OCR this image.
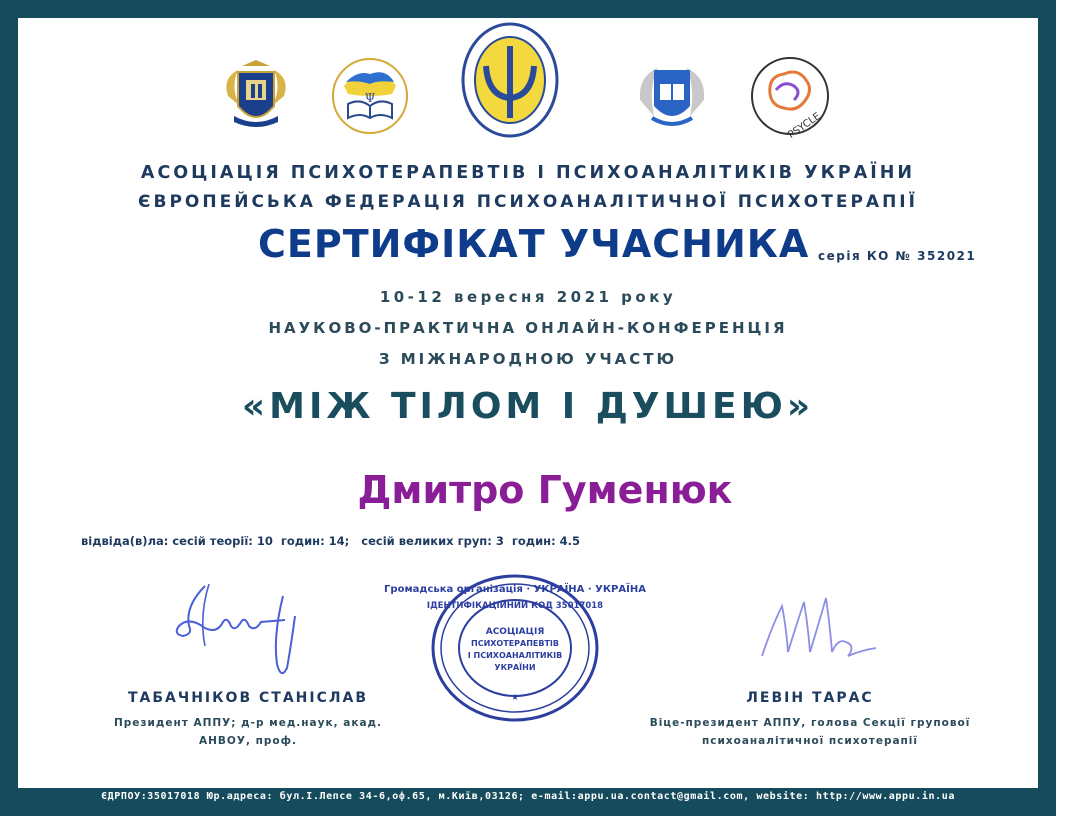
Ψ
PSYCLE
АСОЦІАЦІЯ ПСИХОТЕРАПЕВТІВ І ПСИХОАНАЛІТИКІВ УКРАЇНИ
ЄВРОПЕЙСЬКА ФЕДЕРАЦІЯ ПСИХОАНАЛІТИЧНОЇ ПСИХОТЕРАПІЇ
СЕРТИФІКАТ УЧАСНИКА серія КО № 352021
10-12 вересня 2021 року
НАУКОВО-ПРАКТИЧНА ОНЛАЙН-КОНФЕРЕНЦІЯ
З МІЖНАРОДНОЮ УЧАСТЮ
«МІЖ ТІЛОМ І ДУШЕЮ»
Дмитро Гуменюк
відвіда(в)ла: сесій теорії: 10  годин: 14;   сесій великих груп: 3  годин: 4.5
Громадська організація · УКРАЇНА · УКРАЇНА
ІДЕНТИФІКАЦІЙНИЙ КОД 35017018
АСОЦІАЦІЯ
ПСИХОТЕРАПЕВТІВ
І ПСИХОАНАЛІТИКІВ
УКРАЇНИ
★
ТАБАЧНІКОВ СТАНІСЛАВ
Президент АППУ; д-р мед.наук, акад.
АНВОУ, проф.
ЛЕВІН ТАРАС
Віце-президент АППУ, голова Секції групової
психоаналітичної психотерапії
ЄДРПОУ:35017018 Юр.адреса: бул.І.Лепсе 34-6,оф.65, м.Київ,03126; e-mail:appu.ua.contact@gmail.com, website: http://www.appu.in.ua
